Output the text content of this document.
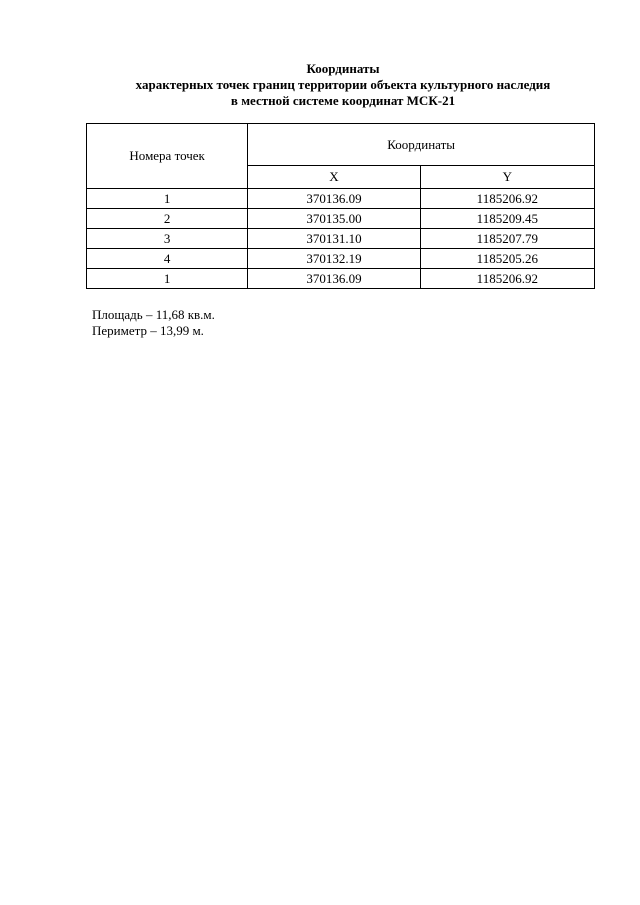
Координаты
характерных точек границ территории объекта культурного наследия
в местной системе координат МСК-21
Номера точек	Координаты	
	X	Y
1	370136.09	1185206.92
2	370135.00	1185209.45
3	370131.10	1185207.79
4	370132.19	1185205.26
1	370136.09	1185206.92
Площадь – 11,68 кв.м.
Периметр – 13,99 м.
